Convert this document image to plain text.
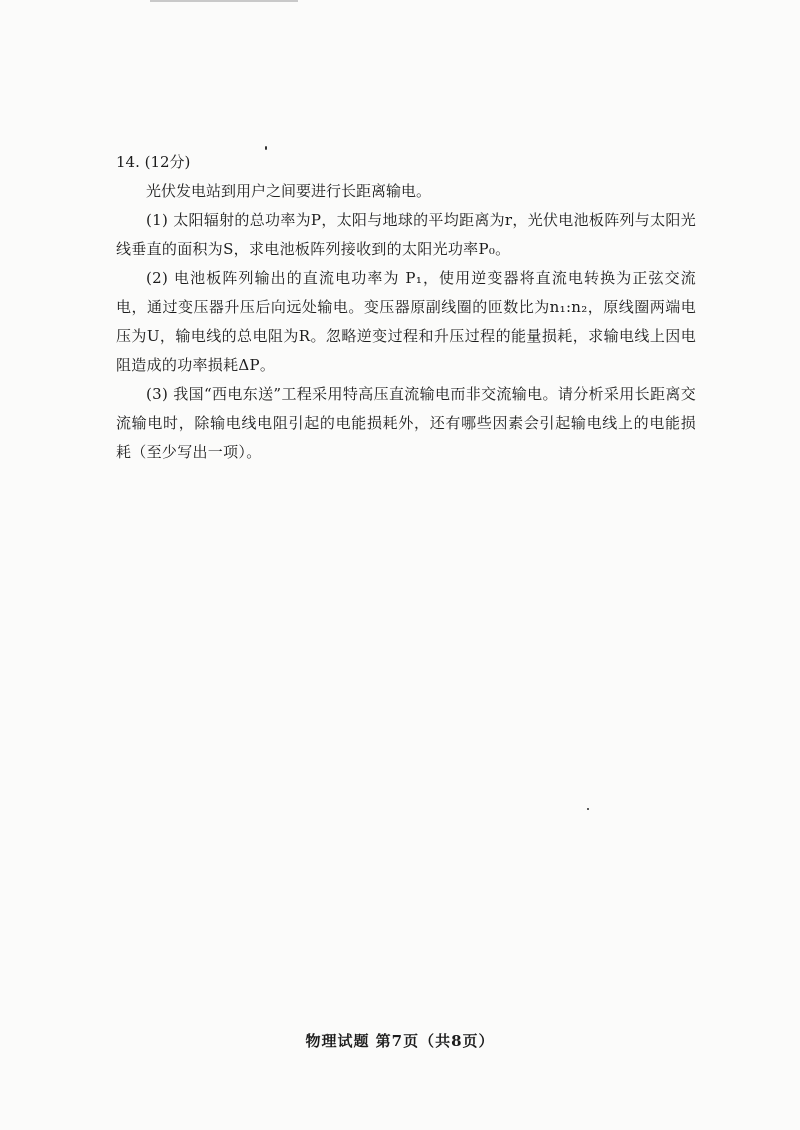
14. (12分)

光伏发电站到用户之间要进行长距离输电。

(1) 太阳辐射的总功率为P，太阳与地球的平均距离为r，光伏电池板阵列与太阳光线垂直的面积为S，求电池板阵列接收到的太阳光功率P₀。

(2) 电池板阵列输出的直流电功率为 P₁，使用逆变器将直流电转换为正弦交流电，通过变压器升压后向远处输电。变压器原副线圈的匝数比为n₁:n₂，原线圈两端电压为U，输电线的总电阻为R。忽略逆变过程和升压过程的能量损耗，求输电线上因电阻造成的功率损耗ΔP。

(3) 我国“西电东送”工程采用特高压直流输电而非交流输电。请分析采用长距离交流输电时，除输电线电阻引起的电能损耗外，还有哪些因素会引起输电线上的电能损耗（至少写出一项）。

物理试题 第7页（共8页）
